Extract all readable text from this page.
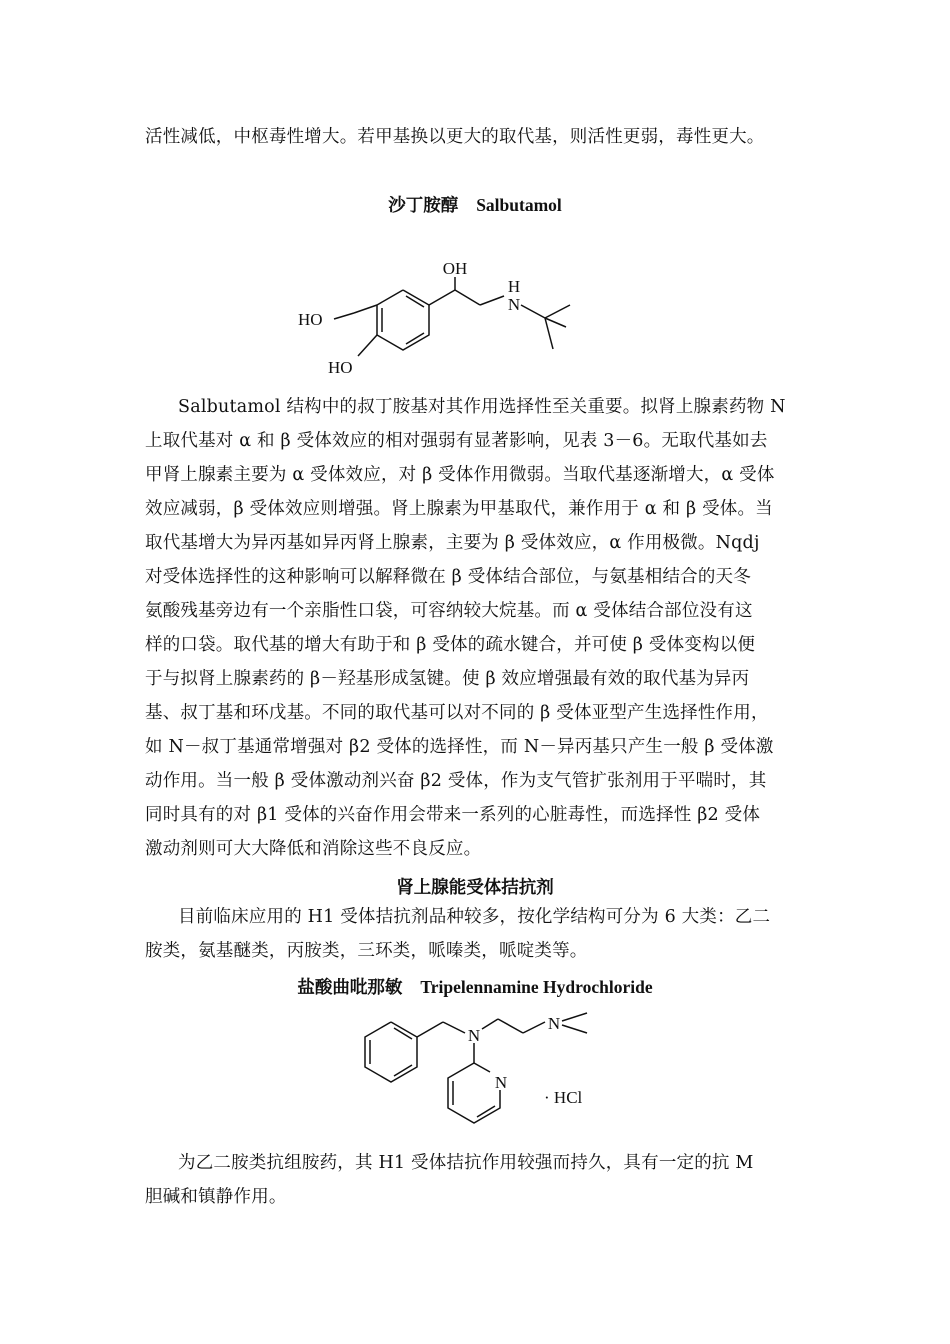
活性减低，中枢毒性增大。若甲基换以更大的取代基，则活性更弱，毒性更大。
沙丁胺醇 Salbutamol
OH
H
N
HO
HO
Salbutamol 结构中的叔丁胺基对其作用选择性至关重要。拟肾上腺素药物 N
上取代基对 α 和 β 受体效应的相对强弱有显著影响，见表 3－6。无取代基如去
甲肾上腺素主要为 α 受体效应，对 β 受体作用微弱。当取代基逐渐增大，α 受体
效应减弱，β 受体效应则增强。肾上腺素为甲基取代，兼作用于 α 和 β 受体。当
取代基增大为异丙基如异丙肾上腺素，主要为 β 受体效应，α 作用极微。Nqdj
对受体选择性的这种影响可以解释微在 β 受体结合部位，与氨基相结合的天冬
氨酸残基旁边有一个亲脂性口袋，可容纳较大烷基。而 α 受体结合部位没有这
样的口袋。取代基的增大有助于和 β 受体的疏水键合，并可使 β 受体变构以便
于与拟肾上腺素药的 β－羟基形成氢键。使 β 效应增强最有效的取代基为异丙
基、叔丁基和环戊基。不同的取代基可以对不同的 β 受体亚型产生选择性作用，
如 N－叔丁基通常增强对 β2 受体的选择性，而 N－异丙基只产生一般 β 受体激
动作用。当一般 β 受体激动剂兴奋 β2 受体，作为支气管扩张剂用于平喘时，其
同时具有的对 β1 受体的兴奋作用会带来一系列的心脏毒性，而选择性 β2 受体
激动剂则可大大降低和消除这些不良反应。
肾上腺能受体拮抗剂
目前临床应用的 H1 受体拮抗剂品种较多，按化学结构可分为 6 大类：乙二
胺类，氨基醚类，丙胺类，三环类，哌嗪类，哌啶类等。
盐酸曲吡那敏 Tripelennamine Hydrochloride
N
N
N
· HCl
为乙二胺类抗组胺药，其 H1 受体拮抗作用较强而持久，具有一定的抗 M
胆碱和镇静作用。
